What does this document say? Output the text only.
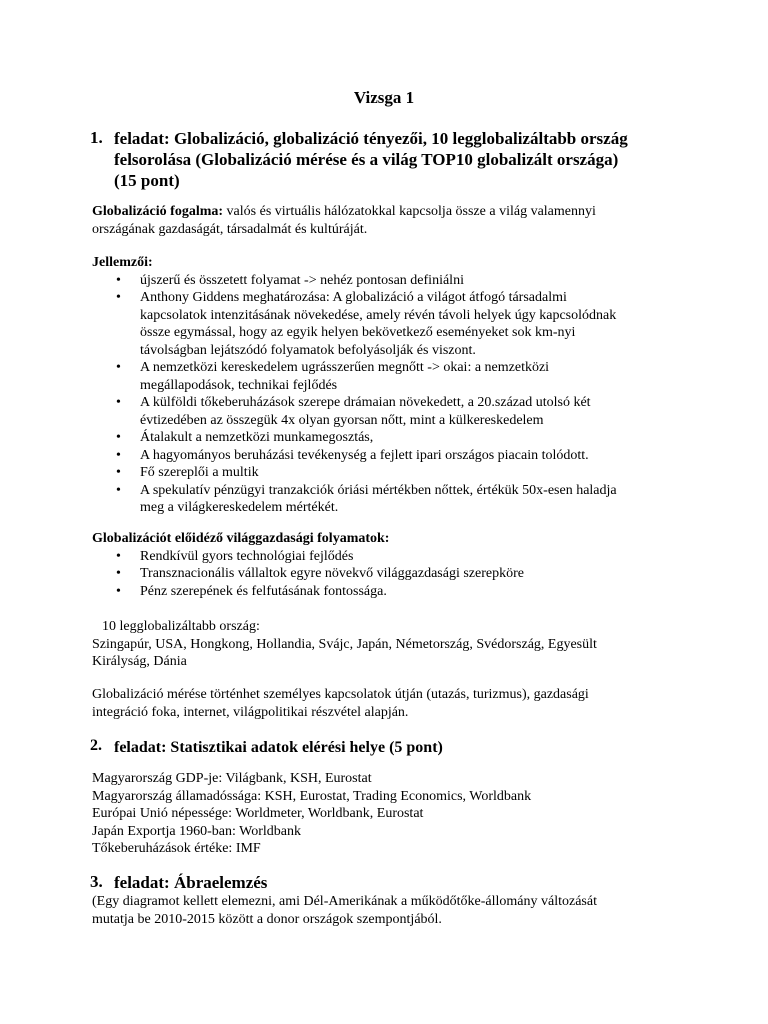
Vizsga 1
1. feladat: Globalizáció, globalizáció tényezői, 10 legglobalizáltabb ország
felsorolása (Globalizáció mérése és a világ TOP10 globalizált országa)
(15 pont)
Globalizáció fogalma: valós és virtuális hálózatokkal kapcsolja össze a világ valamennyi
országának gazdaságát, társadalmát és kultúráját.
Jellemzői:
• újszerű és összetett folyamat -> nehéz pontosan definiálni
• Anthony Giddens meghatározása: A globalizáció a világot átfogó társadalmi
kapcsolatok intenzitásának növekedése, amely révén távoli helyek úgy kapcsolódnak
össze egymással, hogy az egyik helyen bekövetkező eseményeket sok km-nyi
távolságban lejátszódó folyamatok befolyásolják és viszont.
• A nemzetközi kereskedelem ugrásszerűen megnőtt -> okai: a nemzetközi
megállapodások, technikai fejlődés
• A külföldi tőkeberuházások szerepe drámaian növekedett, a 20.század utolsó két
évtizedében az összegük 4x olyan gyorsan nőtt, mint a külkereskedelem
• Átalakult a nemzetközi munkamegosztás,
• A hagyományos beruházási tevékenység a fejlett ipari országos piacain tolódott.
• Fő szereplői a multik
• A spekulatív pénzügyi tranzakciók óriási mértékben nőttek, értékük 50x-esen haladja
meg a világkereskedelem mértékét.
Globalizációt előidéző világgazdasági folyamatok:
• Rendkívül gyors technológiai fejlődés
• Transznacionális vállaltok egyre növekvő világgazdasági szerepköre
• Pénz szerepének és felfutásának fontossága.
10 legglobalizáltabb ország:
Szingapúr, USA, Hongkong, Hollandia, Svájc, Japán, Németország, Svédország, Egyesült
Királyság, Dánia
Globalizáció mérése történhet személyes kapcsolatok útján (utazás, turizmus), gazdasági
integráció foka, internet, világpolitikai részvétel alapján.
2. feladat: Statisztikai adatok elérési helye (5 pont)
Magyarország GDP-je: Világbank, KSH, Eurostat
Magyarország államadóssága: KSH, Eurostat, Trading Economics, Worldbank
Európai Unió népessége: Worldmeter, Worldbank, Eurostat
Japán Exportja 1960-ban: Worldbank
Tőkeberuházások értéke: IMF
3. feladat: Ábraelemzés
(Egy diagramot kellett elemezni, ami Dél-Amerikának a működőtőke-állomány változását
mutatja be 2010-2015 között a donor országok szempontjából.
